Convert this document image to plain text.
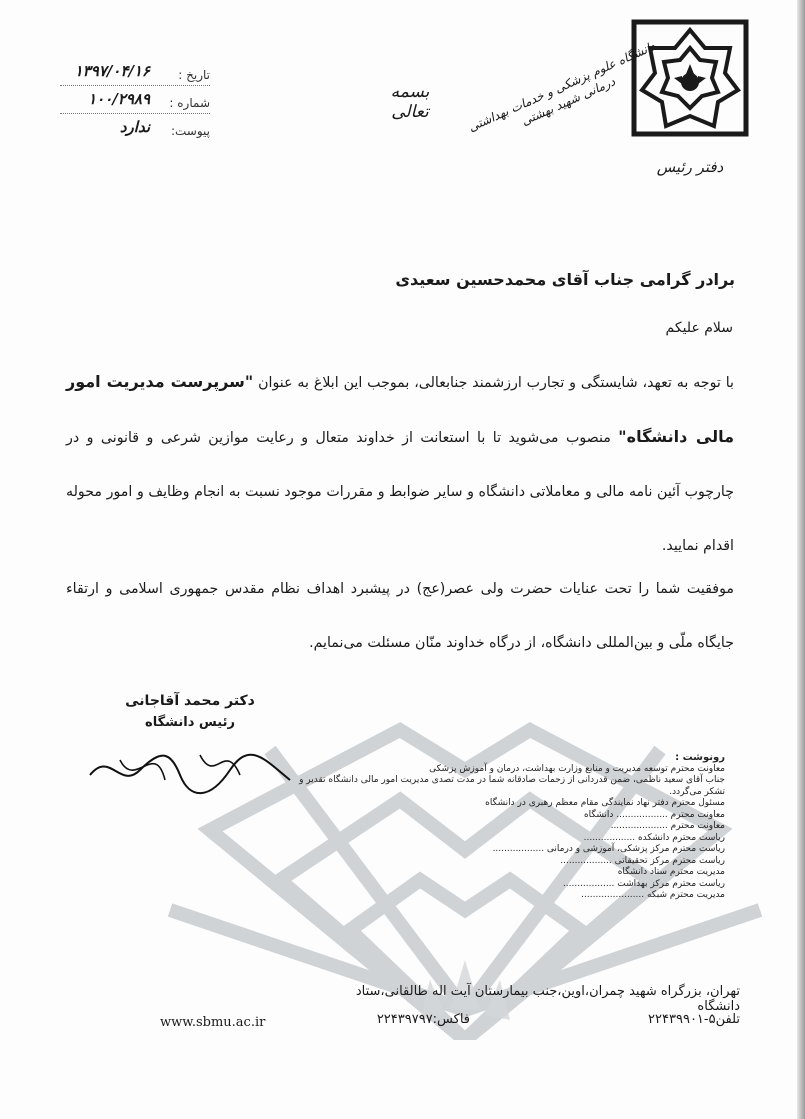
دفتر رئیس
دانشگاه علوم پزشکی و خدمات بهداشتی درمانی شهید بهشتی
بسمه تعالی
تاریخ :
۱۳۹۷/۰۴/۱۶
شماره :
۱۰۰/۲۹۸۹
پیوست:
ندارد
برادر گرامی جناب آقای محمدحسین سعیدی
سلام علیکم
با توجه به تعهد، شایستگی و تجارب ارزشمند جنابعالی، بموجب این ابلاغ به عنوان "سرپرست مدیریت امور مالی دانشگاه" منصوب می‌شوید تا با استعانت از خداوند متعال و رعایت موازین شرعی و قانونی و در چارچوب آئین نامه مالی و معاملاتی دانشگاه و سایر ضوابط و مقررات موجود نسبت به انجام وظایف و امور محوله اقدام نمایید.
موفقیت شما را تحت عنایات حضرت ولی عصر(عج) در پیشبرد اهداف نظام مقدس جمهوری اسلامی و ارتقاء جایگاه ملّی و بین‌المللی دانشگاه، از درگاه خداوند منّان مسئلت می‌نمایم.
دکتر محمد آقاجانی
رئیس دانشگاه
رونوشت :
معاونت محترم توسعه مدیریت و منابع وزارت بهداشت، درمان و آموزش پزشکی
جناب آقای سعید ناظمی، ضمن قدردانی از زحمات صادقانه شما در مدت تصدی مدیریت امور مالی دانشگاه تقدیر و تشکر می‌گردد.
مسئول محترم دفتر نهاد نمایندگی مقام معظم رهبری در دانشگاه
معاونت محترم .................. دانشگاه
معاونت محترم ....................
ریاست محترم دانشکده ..................
ریاست محترم مرکز پزشکی، آموزشی و درمانی ..................
ریاست محترم مرکز تحقیقاتی ..................
مدیریت محترم ستاد دانشگاه
ریاست محترم مرکز بهداشت ..................
مدیریت محترم شبکه ......................
تهران، بزرگراه شهید چمران،اوین،جنب بیمارستان آیت اله طالقانی،ستاد دانشگاه
تلفن۵-۲۲۴۳۹۹۰۱
فاکس:۲۲۴۳۹۷۹۷
www.sbmu.ac.ir
